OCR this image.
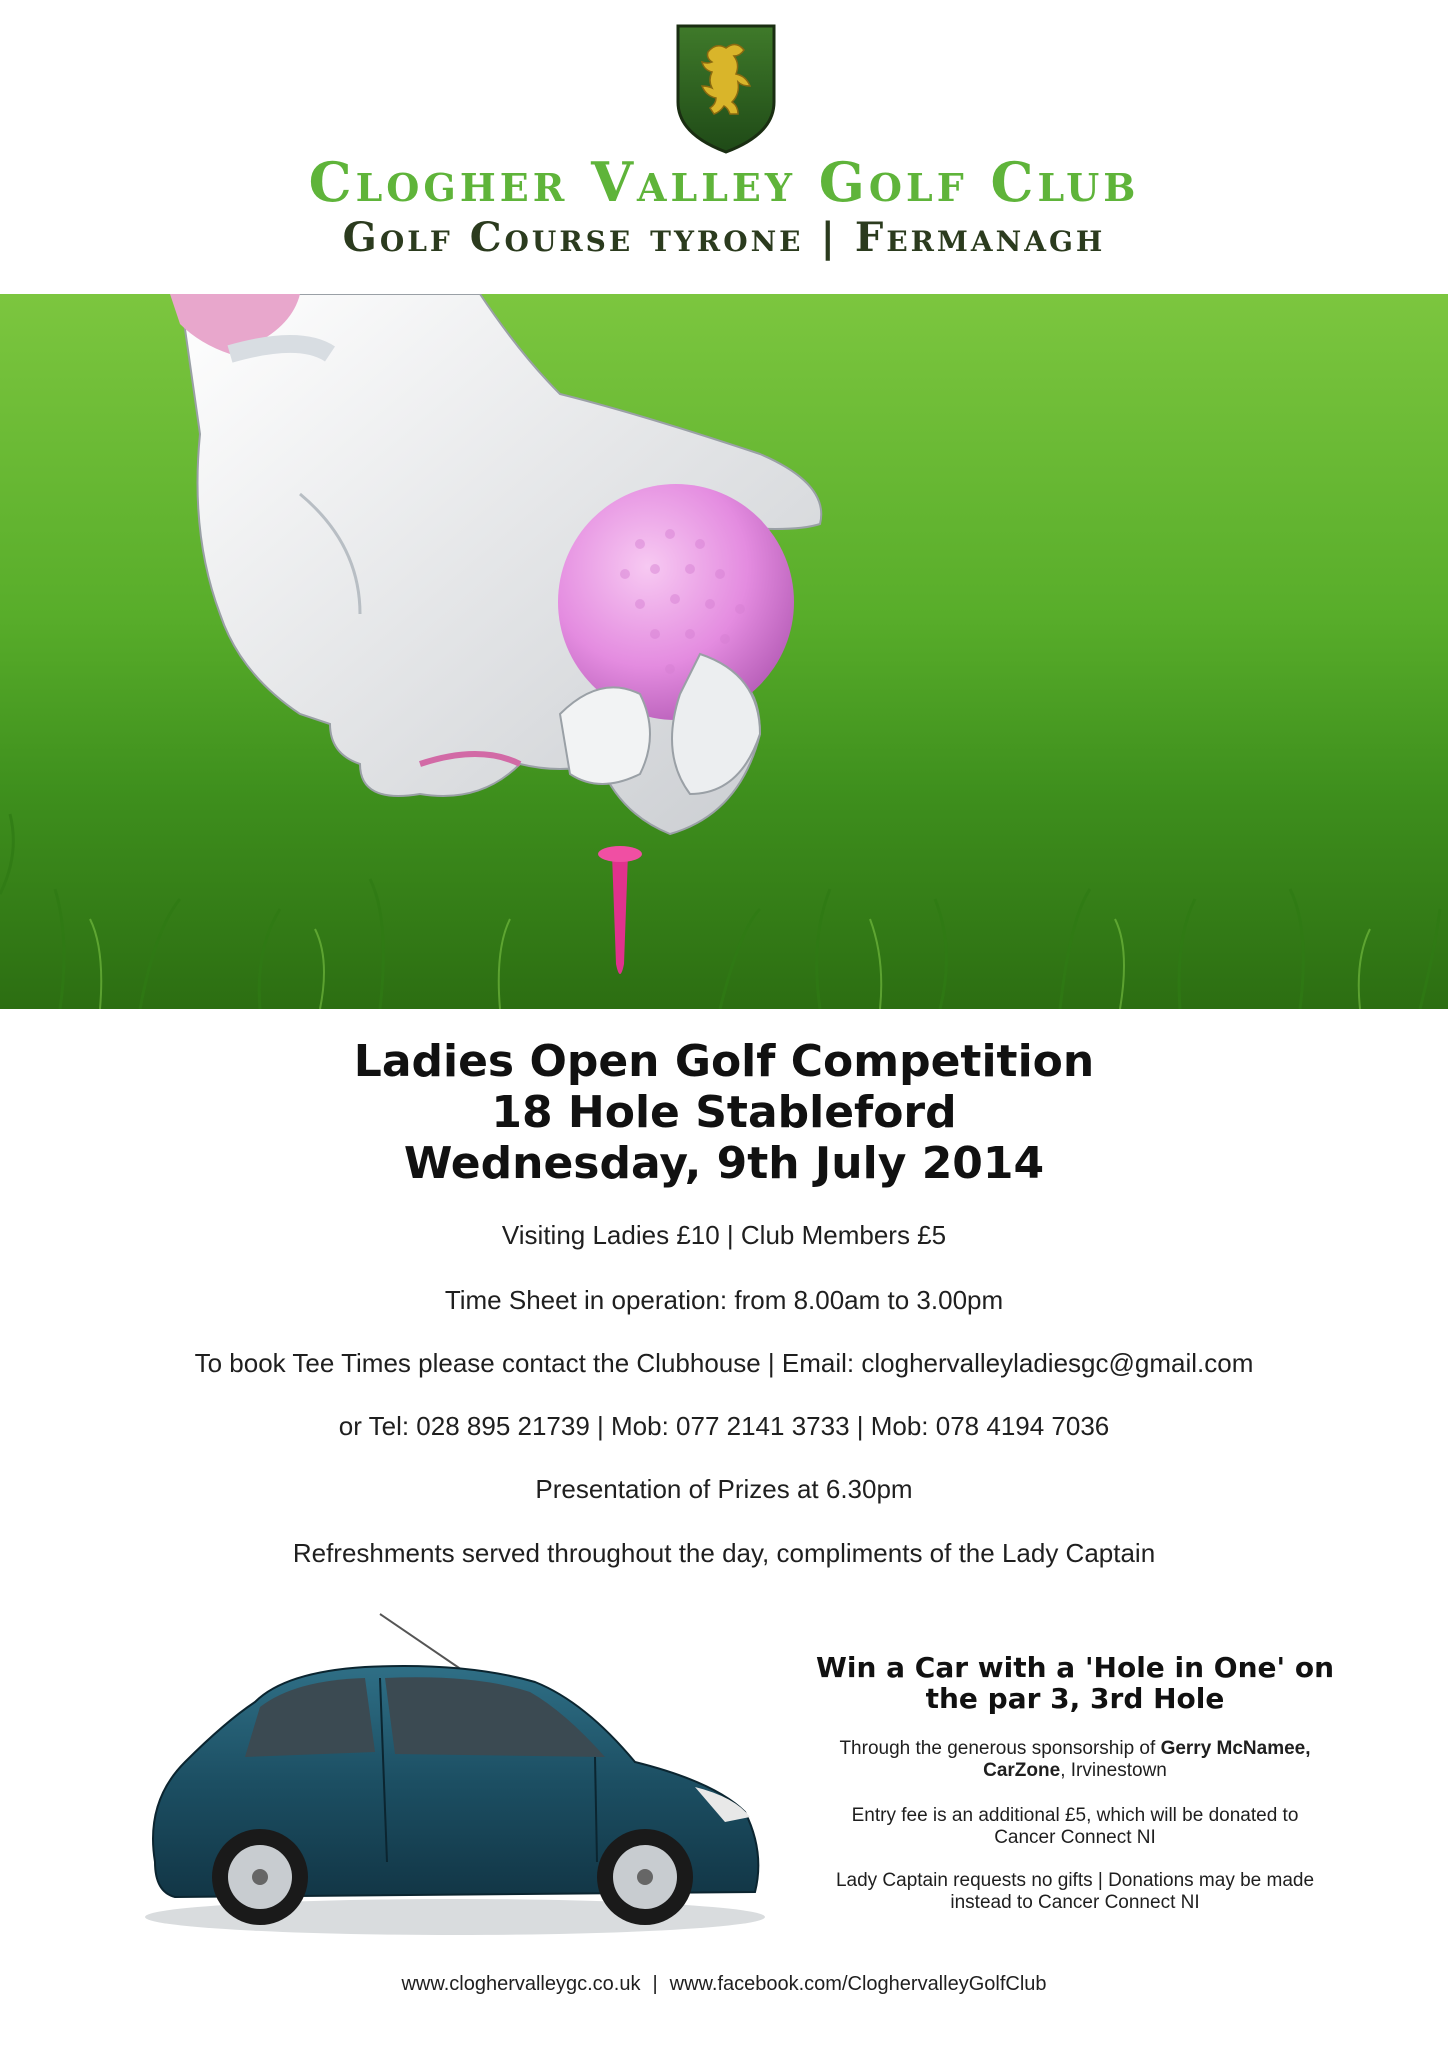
Clogher Valley Golf Club
Golf Course tyrone | Fermanagh
Ladies Open Golf Competition
18 Hole Stableford
Wednesday, 9th July 2014
Visiting Ladies £10 | Club Members £5
Time Sheet in operation: from 8.00am to 3.00pm
To book Tee Times please contact the Clubhouse | Email: cloghervalleyladiesgc@gmail.com
or Tel: 028 895 21739 | Mob: 077 2141 3733 | Mob: 078 4194 7036
Presentation of Prizes at 6.30pm
Refreshments served throughout the day, compliments of the Lady Captain
Win a Car with a 'Hole in One' on
the par 3, 3rd Hole
Through the generous sponsorship of Gerry McNamee,
CarZone, Irvinestown
Entry fee is an additional £5, which will be donated to
Cancer Connect NI
Lady Captain requests no gifts | Donations may be made
instead to Cancer Connect NI
www.cloghervalleygc.co.uk | www.facebook.com/CloghervalleyGolfClub
